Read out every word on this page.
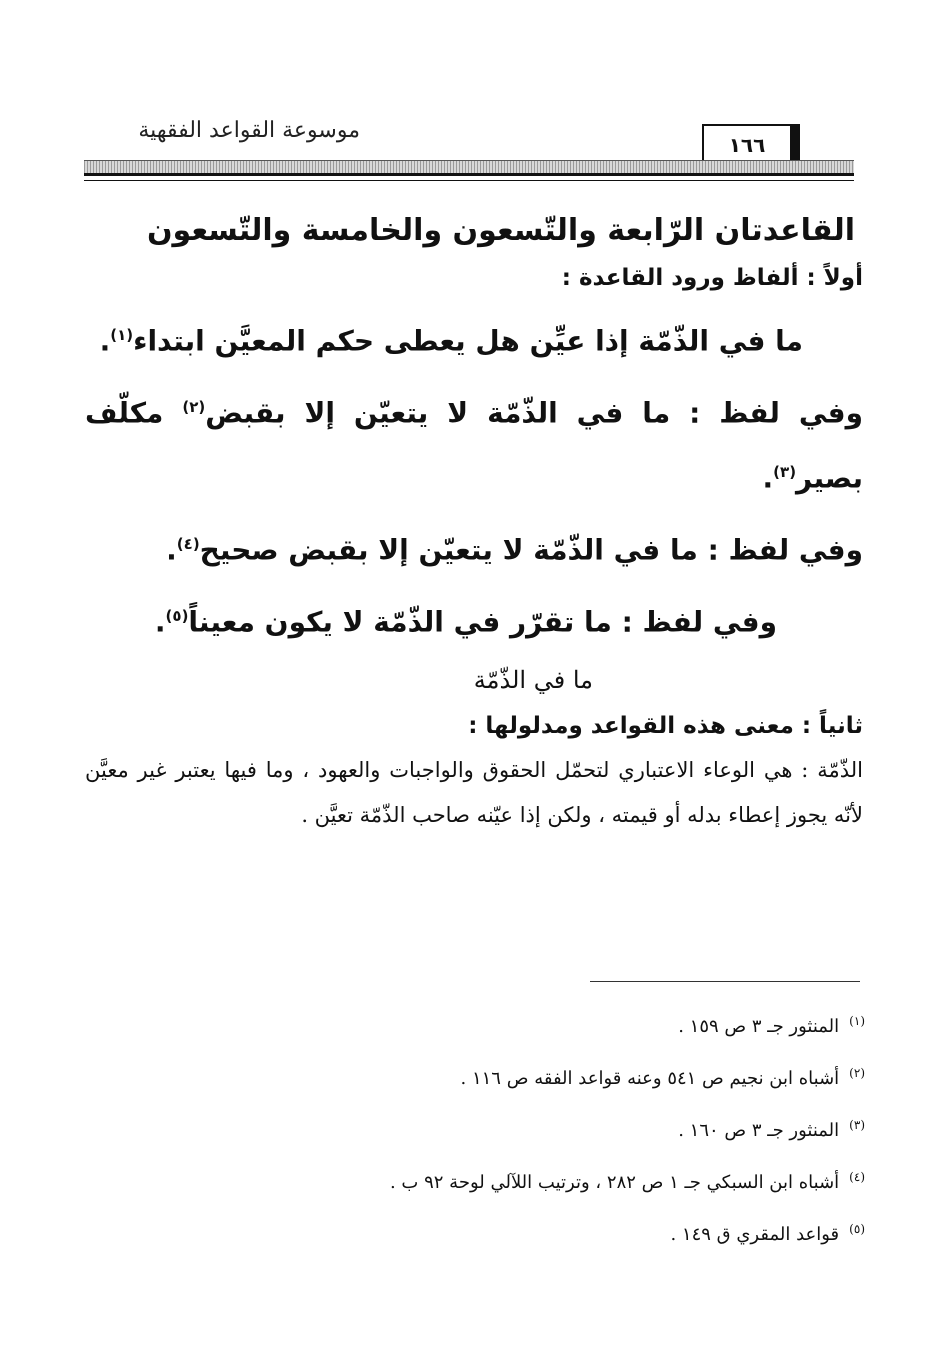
موسوعة القواعد الفقهية
١٦٦
القاعدتان الرّابعة والتّسعون والخامسة والتّسعون
أولاً : ألفاظ ورود القاعدة :

ما في الذّمّة إذا عيِّن هل يعطى حكم المعيَّن ابتداء$^{(١)}$.

وفي لفظ : ما في الذّمّة لا يتعيّن إلا بقبض$^{(٢)}$ مكلّف بصير$^{(٣)}$.

وفي لفظ : ما في الذّمّة لا يتعيّن إلا بقبض صحيح$^{(٤)}$.

وفي لفظ : ما تقرّر في الذّمّة لا يكون معيناً$^{(٥)}$.

ما في الذّمّة

ثانياً : معنى هذه القواعد ومدلولها :

الذّمّة : هي الوعاء الاعتباري لتحمّل الحقوق والواجبات والعهود ، وما فيها يعتبر غير معيَّن لأنّه يجوز إعطاء بدله أو قيمته ، ولكن إذا عيّنه صاحب الذّمّة تعيَّن .

$^{(١)}$المنثور جـ ٣ ص ١٥٩ .
$^{(٢)}$أشباه ابن نجيم ص ٥٤١ وعنه قواعد الفقه ص ١١٦ .
$^{(٣)}$المنثور جـ ٣ ص ١٦٠ .
$^{(٤)}$أشباه ابن السبكي جـ ١ ص ٢٨٢ ، وترتيب اللآلي لوحة ٩٢ ب .
$^{(٥)}$قواعد المقري ق ١٤٩ .
